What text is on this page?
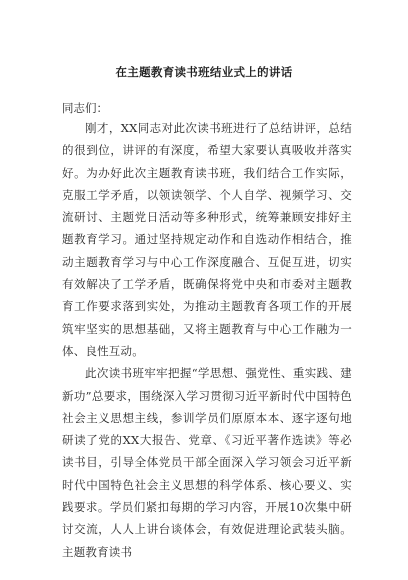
在主题教育读书班结业式上的讲话
同志们：

刚才，XX同志对此次读书班进行了总结讲评，总结的很到位，讲评的有深度，希望大家要认真吸收并落实好。为办好此次主题教育读书班，我们结合工作实际，克服工学矛盾，以领读领学、个人自学、视频学习、交流研讨、主题党日活动等多种形式，统筹兼顾安排好主题教育学习。通过坚持规定动作和自选动作相结合，推动主题教育学习与中心工作深度融合、互促互进，切实有效解决了工学矛盾，既确保将党中央和市委对主题教育工作要求落到实处，为推动主题教育各项工作的开展筑牢坚实的思想基础，又将主题教育与中心工作融为一体、良性互动。

此次读书班牢牢把握“学思想、强党性、重实践、建新功”总要求，围绕深入学习贯彻习近平新时代中国特色社会主义思想主线，参训学员们原原本本、逐字逐句地研读了党的XX大报告、党章、《习近平著作选读》等必读书目，引导全体党员干部全面深入学习领会习近平新时代中国特色社会主义思想的科学体系、核心要义、实践要求。学员们紧扣每期的学习内容，开展10次集中研讨交流，人人上讲台谈体会，有效促进理论武装头脑。主题教育读书
